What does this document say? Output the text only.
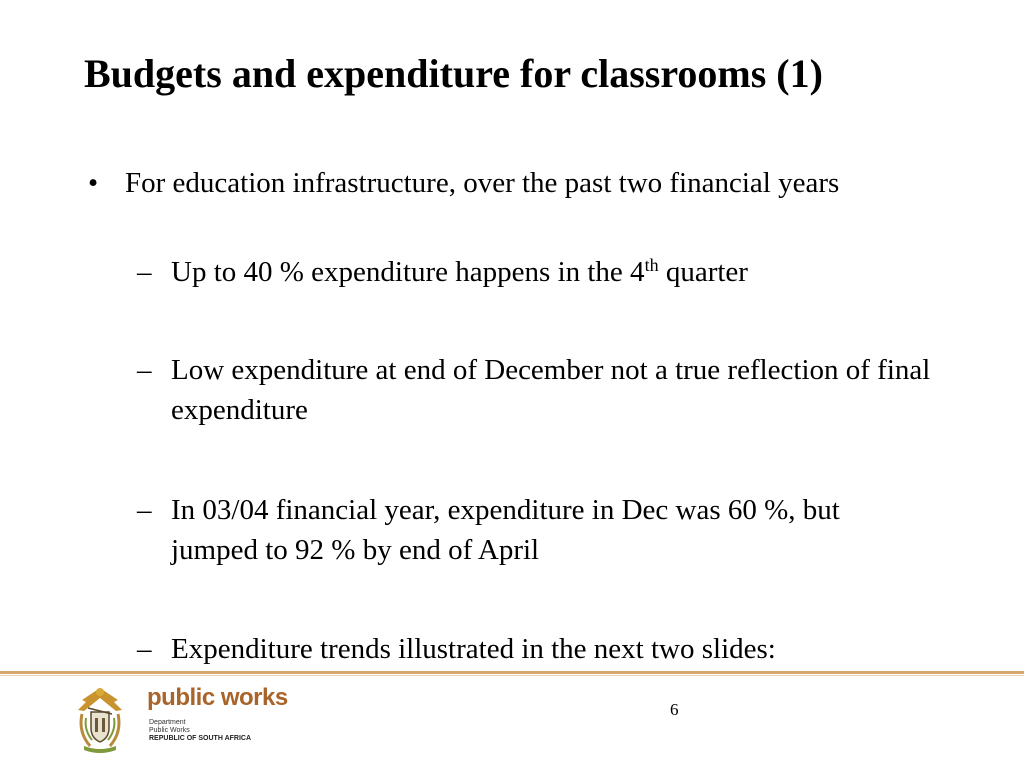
Budgets and expenditure for classrooms (1)
• For education infrastructure, over the past two financial years
– Up to 40 % expenditure happens in the 4th quarter
– Low expenditure at end of December not a true reflection of final expenditure
– In 03/04 financial year, expenditure in Dec was 60 %, but jumped to 92 % by end of April
– Expenditure trends illustrated in the next two slides:
public works
Department
Public Works
REPUBLIC OF SOUTH AFRICA
6
